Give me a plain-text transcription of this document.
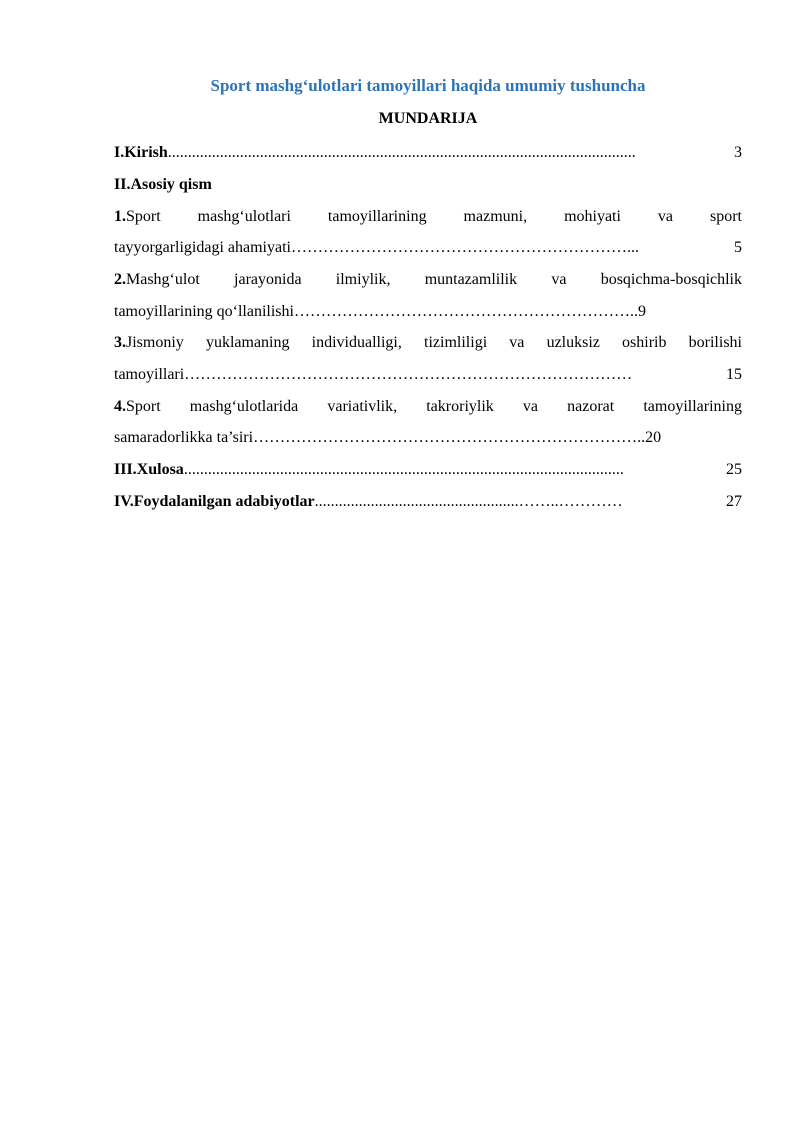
Sport mashg‘ulotlari tamoyillari haqida umumiy tushuncha
MUNDARIJA
I.Kirish .....................................................................................................................	3
II.Asosiy qism
1.Sport mashg‘ulotlari tamoyillarining mazmuni, mohiyati va sport
tayyorgarligidagi ahamiyati………………………………………………………...	5
2.Mashg‘ulot jarayonida ilmiylik, muntazamlilik va bosqichma-bosqichlik
tamoyillarining qo‘llanilishi………………………………………………………..9
3.Jismoniy yuklamaning individualligi, tizimliligi va uzluksiz oshirib borilishi
tamoyillari…………………………………………………………………………	15
4.Sport mashg‘ulotlarida variativlik, takroriylik va nazorat tamoyillarining
samaradorlikka ta’siri………………………………………………………………..20
III.Xulosa ..............................................................................................................	25
IV.Foydalanilgan adabiyotlar ...................................................……..…………	27
